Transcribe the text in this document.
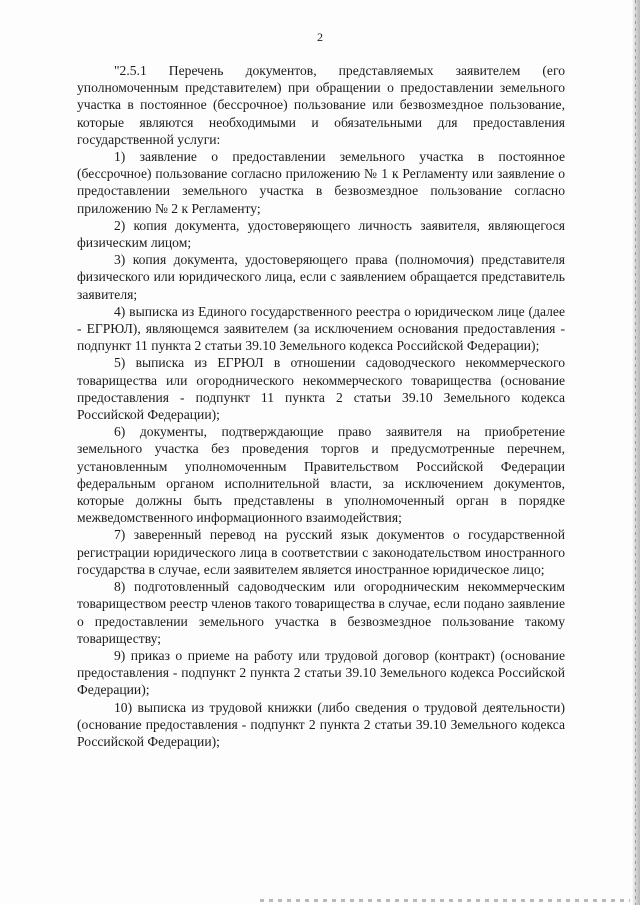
2

"2.5.1 Перечень документов, представляемых заявителем (его уполномоченным представителем) при обращении о предоставлении земельного участка в постоянное (бессрочное) пользование или безвозмездное пользование, которые являются необходимыми и обязательными для предоставления государственной услуги:

1) заявление о предоставлении земельного участка в постоянное (бессрочное) пользование согласно приложению № 1 к Регламенту или заявление о предоставлении земельного участка в безвозмездное пользование согласно приложению № 2 к Регламенту;

2) копия документа, удостоверяющего личность заявителя, являющегося физическим лицом;

3) копия документа, удостоверяющего права (полномочия) представителя физического или юридического лица, если с заявлением обращается представитель заявителя;

4) выписка из Единого государственного реестра о юридическом лице (далее - ЕГРЮЛ), являющемся заявителем (за исключением основания предоставления - подпункт 11 пункта 2 статьи 39.10 Земельного кодекса Российской Федерации);

5) выписка из ЕГРЮЛ в отношении садоводческого некоммерческого товарищества или огороднического некоммерческого товарищества (основание предоставления - подпункт 11 пункта 2 статьи 39.10 Земельного кодекса Российской Федерации);

6) документы, подтверждающие право заявителя на приобретение земельного участка без проведения торгов и предусмотренные перечнем, установленным уполномоченным Правительством Российской Федерации федеральным органом исполнительной власти, за исключением документов, которые должны быть представлены в уполномоченный орган в порядке межведомственного информационного взаимодействия;

7) заверенный перевод на русский язык документов о государственной регистрации юридического лица в соответствии с законодательством иностранного государства в случае, если заявителем является иностранное юридическое лицо;

8) подготовленный садоводческим или огородническим некоммерческим товариществом реестр членов такого товарищества в случае, если подано заявление о предоставлении земельного участка в безвозмездное пользование такому товариществу;

9) приказ о приеме на работу или трудовой договор (контракт) (основание предоставления - подпункт 2 пункта 2 статьи 39.10 Земельного кодекса Российской Федерации);

10) выписка из трудовой книжки (либо сведения о трудовой деятельности) (основание предоставления - подпункт 2 пункта 2 статьи 39.10 Земельного кодекса Российской Федерации);
